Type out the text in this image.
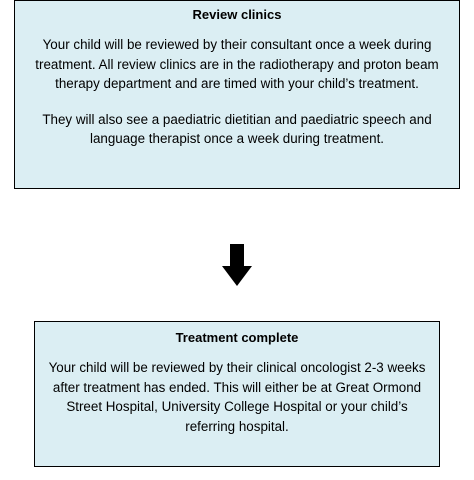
Review clinics

Your child will be reviewed by their consultant once a week during treatment. All review clinics are in the radiotherapy and proton beam therapy department and are timed with your child’s treatment.

They will also see a paediatric dietitian and paediatric speech and language therapist once a week during treatment.

Treatment complete

Your child will be reviewed by their clinical oncologist 2-3 weeks after treatment has ended. This will either be at Great Ormond Street Hospital, University College Hospital or your child’s referring hospital.
